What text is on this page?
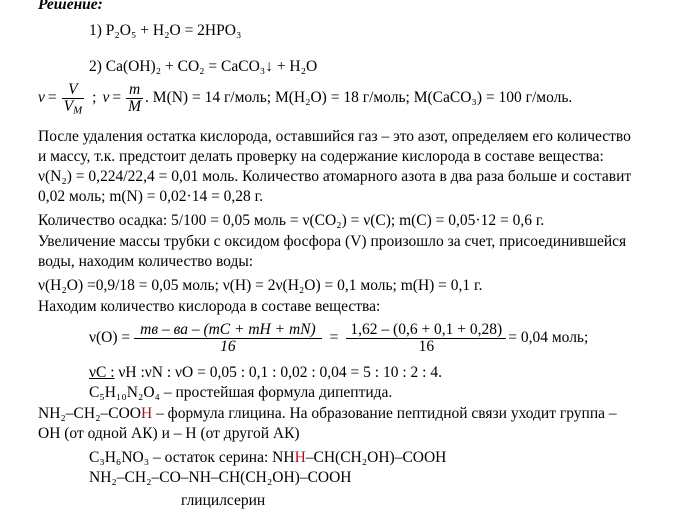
Решение:
1) P₂O₅ + H₂O = 2HPO₃
2) Ca(OH)₂ + CO₂ = CaCO₃↓ + H₂O
$\nu = \frac{V}{V_M}$ ; $\nu = \frac{m}{M}$ . M(N) = 14 г/моль; M(H₂O) = 18 г/моль; M(CaCO₃) = 100 г/моль.
После удаления остатка кислорода, оставшийся газ – это азот, определяем его количество
и массу, т.к. предстоит делать проверку на содержание кислорода в составе вещества:
ν(N₂) = 0,224/22,4 = 0,01 моль. Количество атомарного азота в два раза больше и составит
0,02 моль; m(N) = 0,02·14 = 0,28 г.
Количество осадка: 5/100 = 0,05 моль = ν(CO₂) = ν(C); m(C) = 0,05·12 = 0,6 г.
Увеличение массы трубки с оксидом фосфора (V) произошло за счет, присоединившейся
воды, находим количество воды:
ν(H₂O) =0,9/18 = 0,05 моль; ν(H) = 2ν(H₂O) = 0,1 моль; m(H) = 0,1 г.
Находим количество кислорода в составе вещества:
$\nu(O) = \frac{тв - ва - (mC + mH + mN)}{16} = \frac{1,62 - (0,6 + 0,1 + 0,28)}{16} = 0,04$ моль;
νC : νH :νN : νO = 0,05 : 0,1 : 0,02 : 0,04 = 5 : 10 : 2 : 4.
C₅H₁₀N₂O₄ – простейшая формула дипептида.
NH₂–CH₂–COOH – формула глицина. На образование пептидной связи уходит группа –
OH (от одной АК) и – H (от другой АК)
C₃H₆NO₃ – остаток серина: NHH–CH(CH₂OH)–COOH
NH₂–CH₂–CO–NH–CH(CH₂OH)–COOH
глицилсерин
